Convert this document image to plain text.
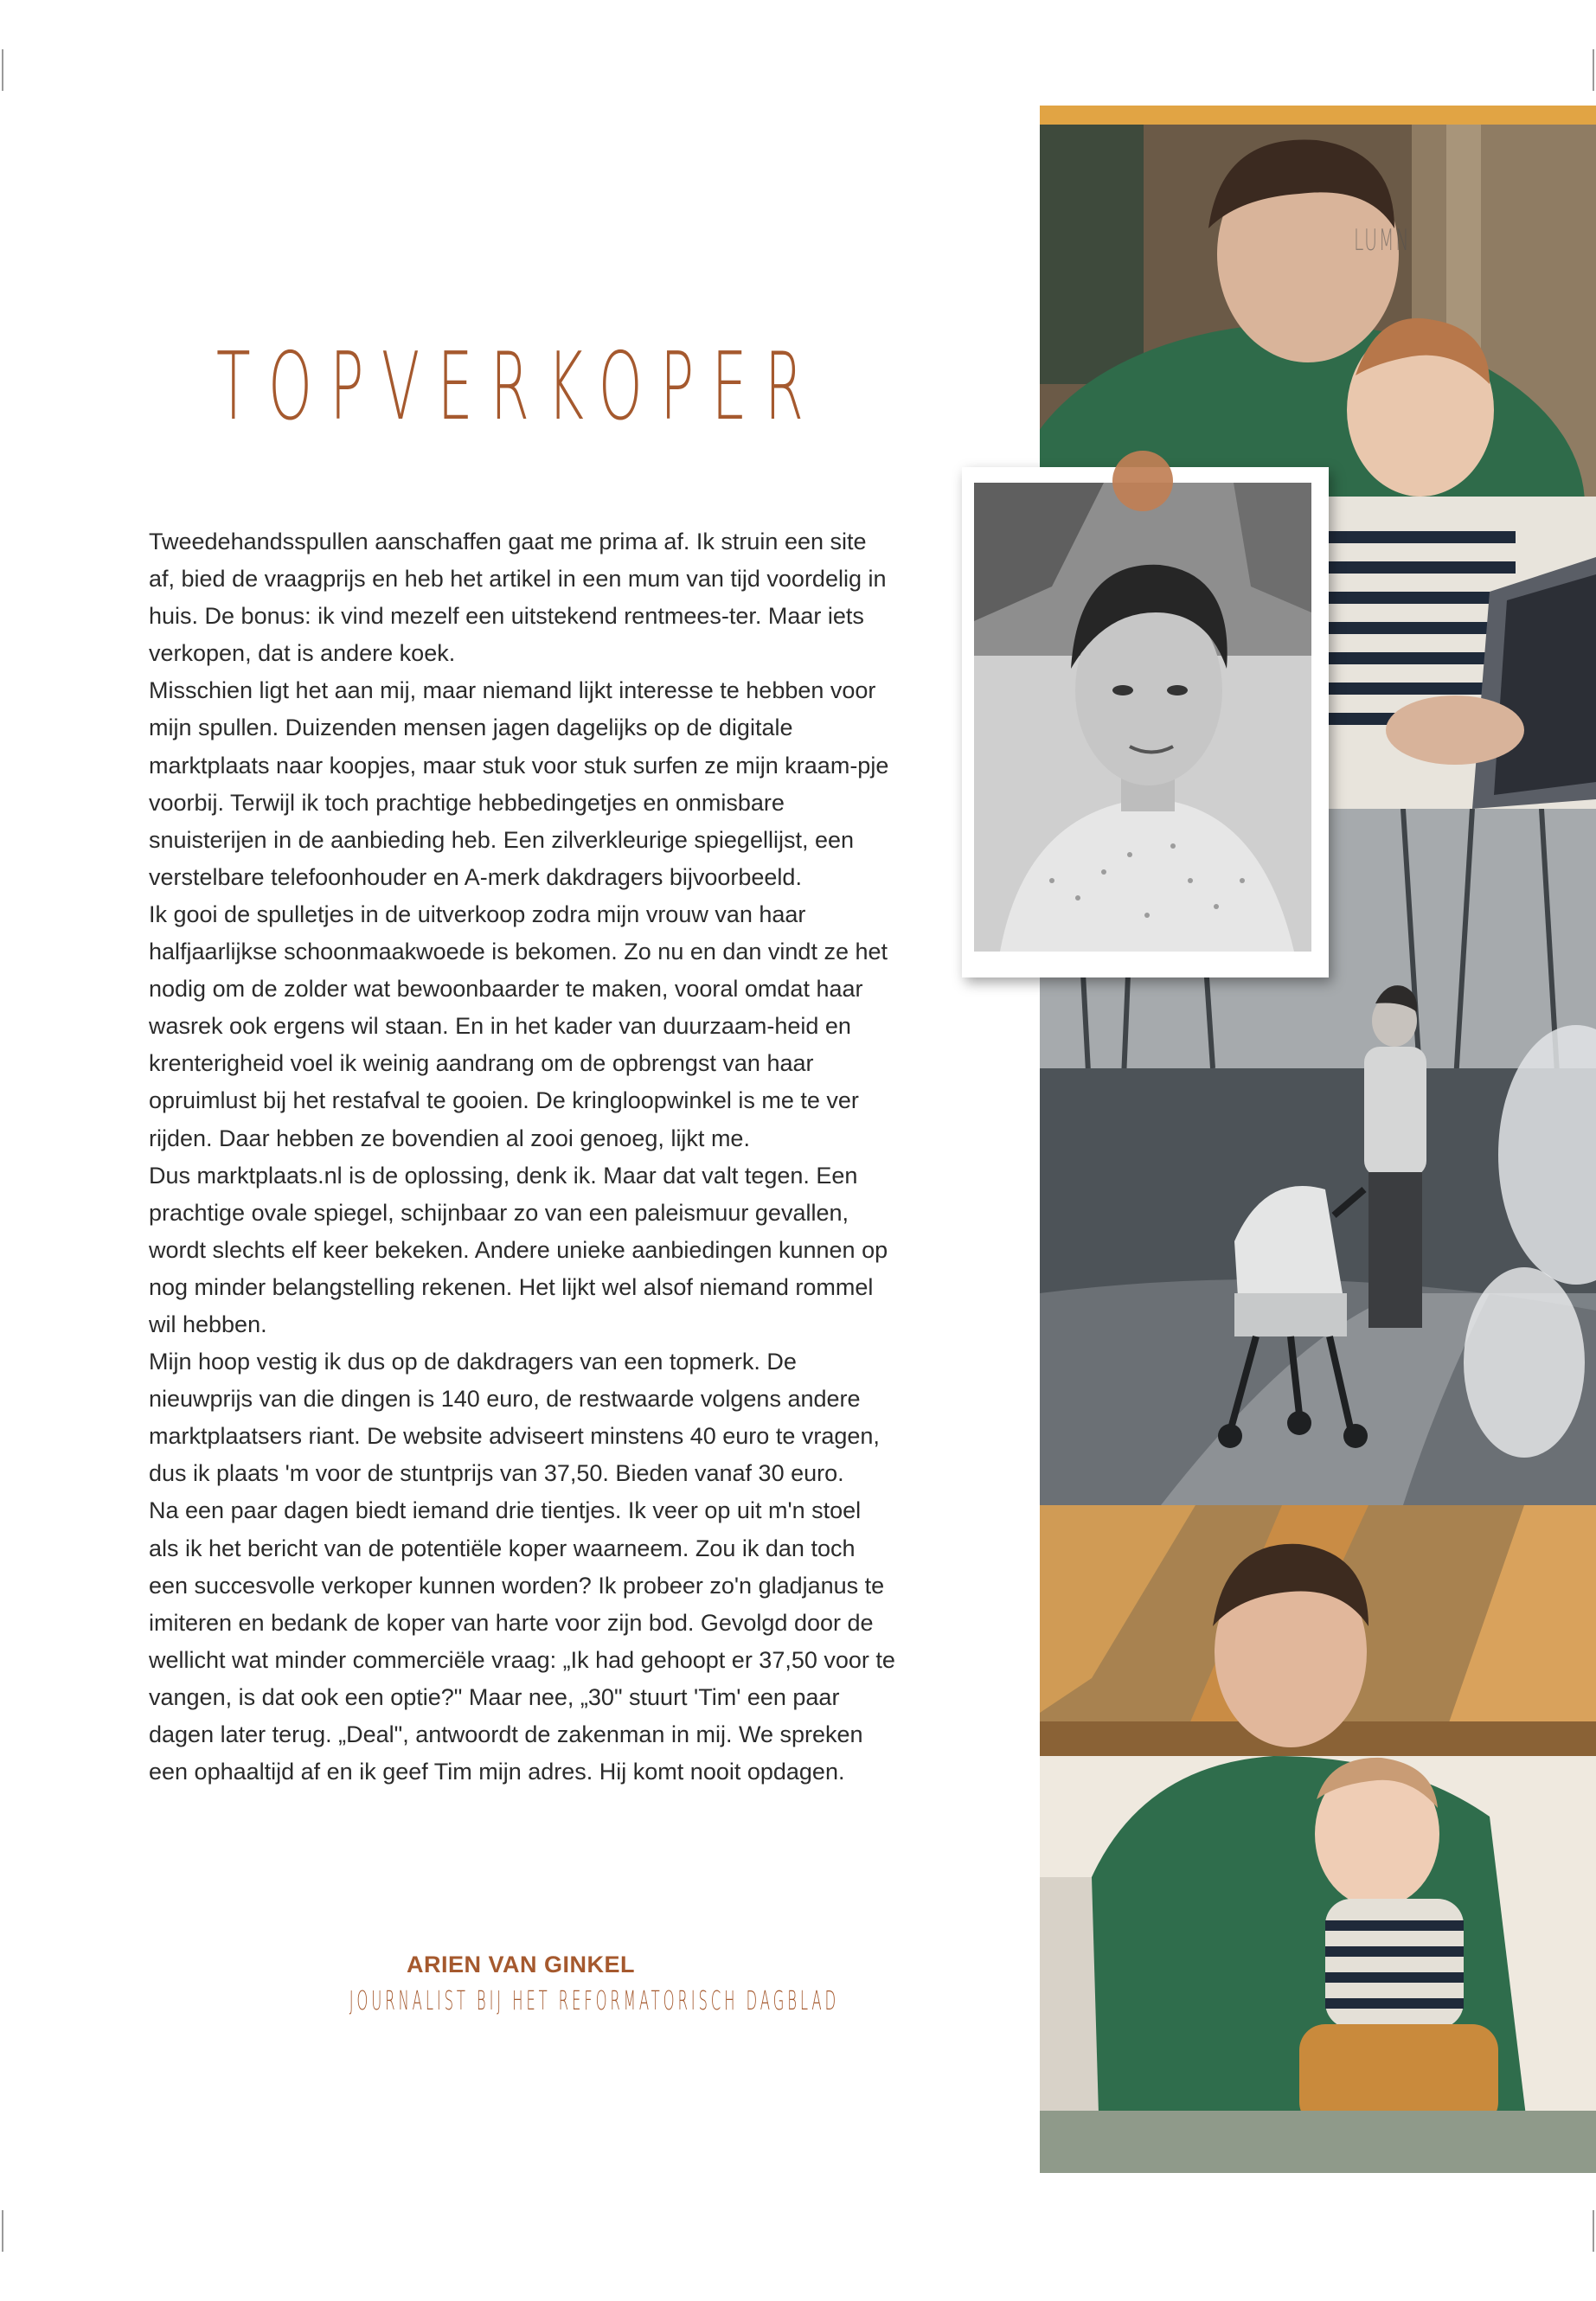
TOPVERKOPER

Tweedehandsspullen aanschaffen gaat me prima af. Ik struin een site af, bied de vraagprijs en heb het artikel in een mum van tijd voordelig in huis. De bonus: ik vind mezelf een uitstekend rentmees-ter. Maar iets verkopen, dat is andere koek.

Misschien ligt het aan mij, maar niemand lijkt interesse te hebben voor mijn spullen. Duizenden mensen jagen dagelijks op de digitale marktplaats naar koopjes, maar stuk voor stuk surfen ze mijn kraam-pje voorbij. Terwijl ik toch prachtige hebbedingetjes en onmisbare snuisterijen in de aanbieding heb. Een zilverkleurige spiegellijst, een verstelbare telefoonhouder en A-merk dakdragers bijvoorbeeld.

Ik gooi de spulletjes in de uitverkoop zodra mijn vrouw van haar halfjaarlijkse schoonmaakwoede is bekomen. Zo nu en dan vindt ze het nodig om de zolder wat bewoonbaarder te maken, vooral omdat haar wasrek ook ergens wil staan. En in het kader van duurzaam-heid en krenterigheid voel ik weinig aandrang om de opbrengst van haar opruimlust bij het restafval te gooien. De kringloopwinkel is me te ver rijden. Daar hebben ze bovendien al zooi genoeg, lijkt me.

Dus marktplaats.nl is de oplossing, denk ik. Maar dat valt tegen. Een prachtige ovale spiegel, schijnbaar zo van een paleismuur gevallen, wordt slechts elf keer bekeken. Andere unieke aanbiedingen kunnen op nog minder belangstelling rekenen. Het lijkt wel alsof niemand rommel wil hebben.

Mijn hoop vestig ik dus op de dakdragers van een topmerk. De nieuwprijs van die dingen is 140 euro, de restwaarde volgens andere marktplaatsers riant. De website adviseert minstens 40 euro te vragen, dus ik plaats 'm voor de stuntprijs van 37,50. Bieden vanaf 30 euro.

Na een paar dagen biedt iemand drie tientjes. Ik veer op uit m'n stoel als ik het bericht van de potentiële koper waarneem. Zou ik dan toch een succesvolle verkoper kunnen worden? Ik probeer zo'n gladjanus te imiteren en bedank de koper van harte voor zijn bod. Gevolgd door de wellicht wat minder commerciële vraag: „Ik had gehoopt er 37,50 voor te vangen, is dat ook een optie?" Maar nee, „30" stuurt 'Tim' een paar dagen later terug. „Deal", antwoordt de zakenman in mij. We spreken een ophaaltijd af en ik geef Tim mijn adres. Hij komt nooit opdagen.

ARIEN VAN GINKEL
JOURNALIST BIJ HET REFORMATORISCH DAGBLAD
LUMN
